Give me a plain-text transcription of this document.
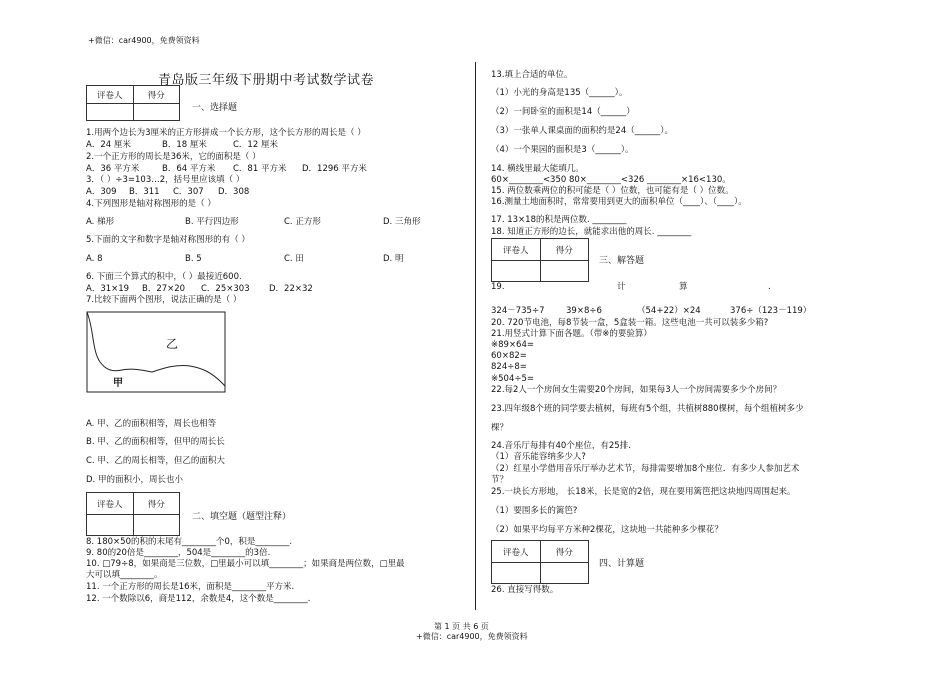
+微信：car4900，免费领资料
第 1 页 共 6 页
+微信：car4900，免费领资料
青岛版三年级下册期中考试数学试卷
评卷人	得分
一、选择题
1.用两个边长为3厘米的正方形拼成一个长方形，这个长方形的周长是（ ）
A．24 厘米	B．18 厘米	C．12 厘米
2.一个正方形的周长是36米，它的面积是（ ）
A．36 平方米	B．64 平方米 C．81 平方米 D．1296 平方米
3．（ ）÷3=103…2，括号里应该填（ ）
A．309 B．311 C．307 D．308
4.下列图形是轴对称图形的是（ ）
A. 梯形	B. 平行四边形	C. 正方形	D. 三角形
5.下面的文字和数字是轴对称图形的有（ ）
A. 8	B. 5	C. 田	D. 明
6. 下面三个算式的积中，（ ）最接近600.
A．31×19 B．27×20 C．25×303 D．22×32
7.比较下面两个图形，说法正确的是（ ）
乙
甲
A. 甲、乙的面积相等，周长也相等
B. 甲、乙的面积相等，但甲的周长长
C. 甲、乙的周长相等，但乙的面积大
D. 甲的面积小，周长也小
评卷人	得分
二、填空题（题型注释）
8. 180×50的积的末尾有________个0，积是________.
9. 80的20倍是________，504是________的3倍.
10. □79÷8，如果商是三位数，□里最小可以填________；如果商是两位数，□里最
大可以填________。
11. 一个正方形的周长是16米，面积是________平方米.
12. 一个数除以6，商是112，余数是4，这个数是________.
13.填上合适的单位。
（1）小光的身高是135（______）。
（2）一间卧室的面积是14（______）
（3）一张单人课桌面的面积约是24（______）。
（4）一个果园的面积是3（______）。
14. 横线里最大能填几。
60×________<350 80×________<326 ________×16<130。
15. 两位数乘两位的积可能是（ ）位数，也可能有是（ ）位数。
16.测量土地面积时，常常要用到更大的面积单位（____）、（____）。
17. 13×18的积是两位数. ________
18. 知道正方形的边长，就能求出他的周长. ________
评卷人	得分
三、解答题
19.	计	算	.
324－735÷7	39×8÷6	（54+22）×24	376÷（123－119）
20. 720节电池，每8节装一盒，5盒装一箱。这些电池一共可以装多少箱?
21.用竖式计算下面各题。（带※的要验算）
※89×64=
60×82=
824÷8=
※504÷5=
22.每2人一个房间女生需要20个房间，如果每3人一个房间需要多少个房间？
23.四年级8个班的同学要去植树，每班有5个组，共植树880棵树，每个组植树多少
棵？
24.音乐厅每排有40个座位，有25排.
（1）音乐能容纳多少人?
（2）红星小学借用音乐厅举办艺术节，每排需要增加8个座位．有多少人参加艺术
节？
25.一块长方形地， 长18米，长是宽的2倍，现在要用篱笆把这块地四周围起来。
（1）要围多长的篱笆?
（2）如果平均每平方米种2棵花，这块地一共能种多少棵花？
评卷人	得分
四、计算题
26. 直接写得数。
